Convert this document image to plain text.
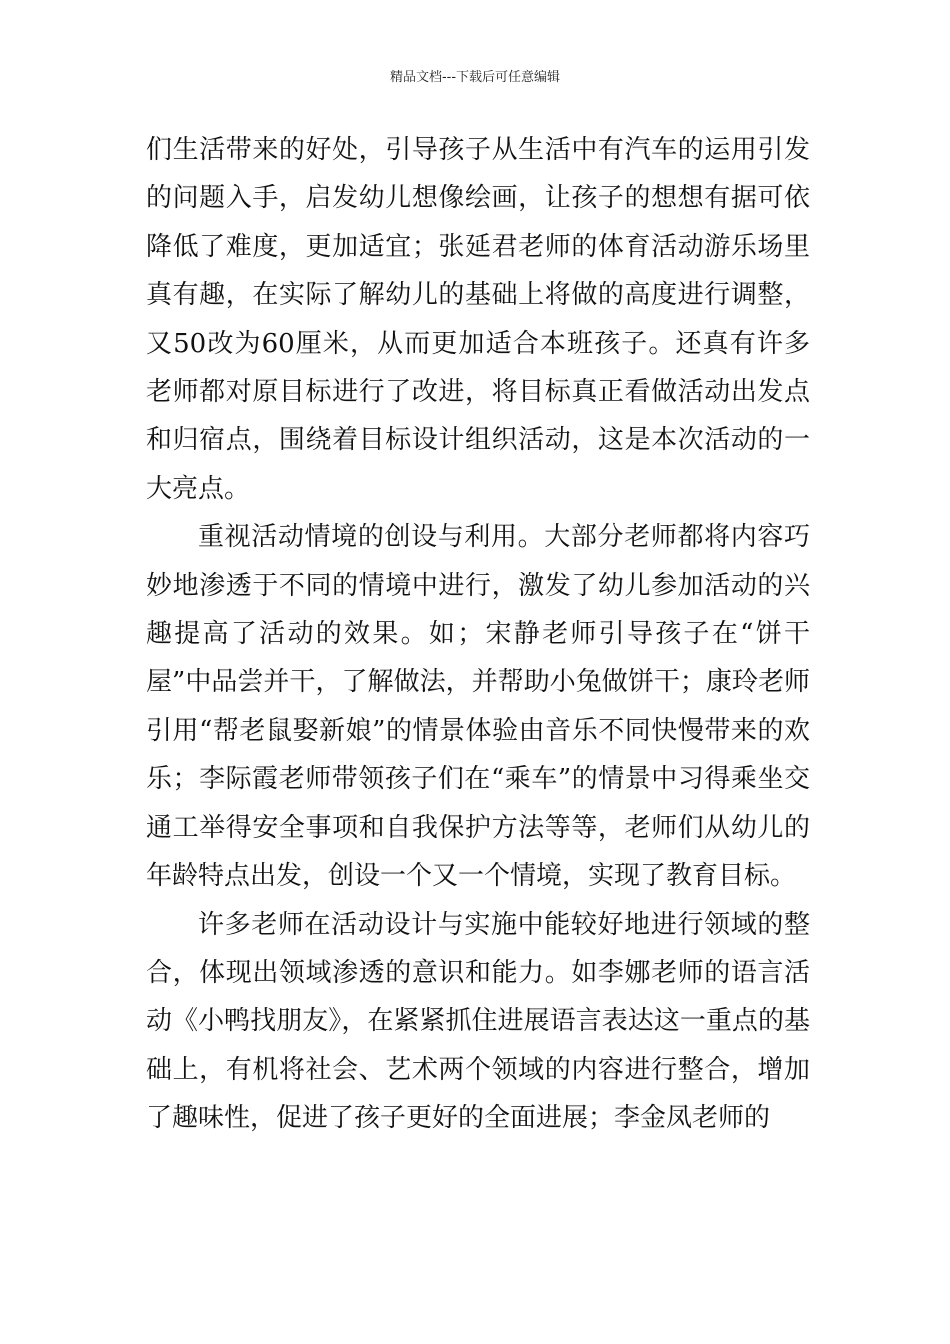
精品文档---下载后可任意编辑

们生活带来的好处，引导孩子从生活中有汽车的运用引发的问题入手，启发幼儿想像绘画，让孩子的想想有据可依降低了难度，更加适宜；张延君老师的体育活动游乐场里真有趣，在实际了解幼儿的基础上将做的高度进行调整，又50改为60厘米，从而更加适合本班孩子。还真有许多老师都对原目标进行了改进，将目标真正看做活动出发点和归宿点，围绕着目标设计组织活动，这是本次活动的一大亮点。

重视活动情境的创设与利用。大部分老师都将内容巧妙地渗透于不同的情境中进行，激发了幼儿参加活动的兴趣提高了活动的效果。如；宋静老师引导孩子在“饼干屋”中品尝并干，了解做法，并帮助小兔做饼干；康玲老师引用“帮老鼠娶新娘”的情景体验由音乐不同快慢带来的欢乐；李际霞老师带领孩子们在“乘车”的情景中习得乘坐交通工举得安全事项和自我保护方法等等，老师们从幼儿的年龄特点出发，创设一个又一个情境，实现了教育目标。

许多老师在活动设计与实施中能较好地进行领域的整合，体现出领域渗透的意识和能力。如李娜老师的语言活动《小鸭找朋友》，在紧紧抓住进展语言表达这一重点的基础上，有机将社会、艺术两个领域的内容进行整合，增加了趣味性，促进了孩子更好的全面进展；李金凤老师的
